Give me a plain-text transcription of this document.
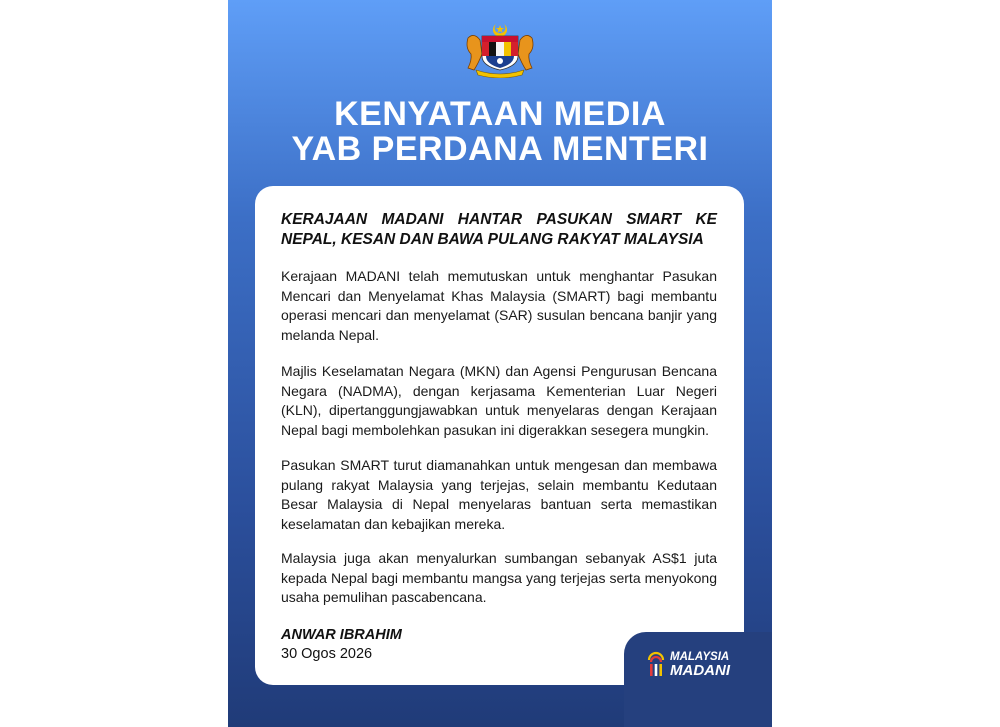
KENYATAAN MEDIA
YAB PERDANA MENTERI
KERAJAAN MADANI HANTAR PASUKAN SMART KE NEPAL, KESAN DAN BAWA PULANG RAKYAT MALAYSIA
Kerajaan MADANI telah memutuskan untuk menghantar Pasukan Mencari dan Menyelamat Khas Malaysia (SMART) bagi membantu operasi mencari dan menyelamat (SAR) susulan bencana banjir yang melanda Nepal.
Majlis Keselamatan Negara (MKN) dan Agensi Pengurusan Bencana Negara (NADMA), dengan kerjasama Kementerian Luar Negeri (KLN), dipertanggungjawabkan untuk menyelaras dengan Kerajaan Nepal bagi membolehkan pasukan ini digerakkan sesegera mungkin.
Pasukan SMART turut diamanahkan untuk mengesan dan membawa pulang rakyat Malaysia yang terjejas, selain membantu Kedutaan Besar Malaysia di Nepal menyelaras bantuan serta memastikan keselamatan dan kebajikan mereka.
Malaysia juga akan menyalurkan sumbangan sebanyak AS$1 juta kepada Nepal bagi membantu mangsa yang terjejas serta menyokong usaha pemulihan pascabencana.
ANWAR IBRAHIM
30 Ogos 2026	MALAYSIA
MADANI
